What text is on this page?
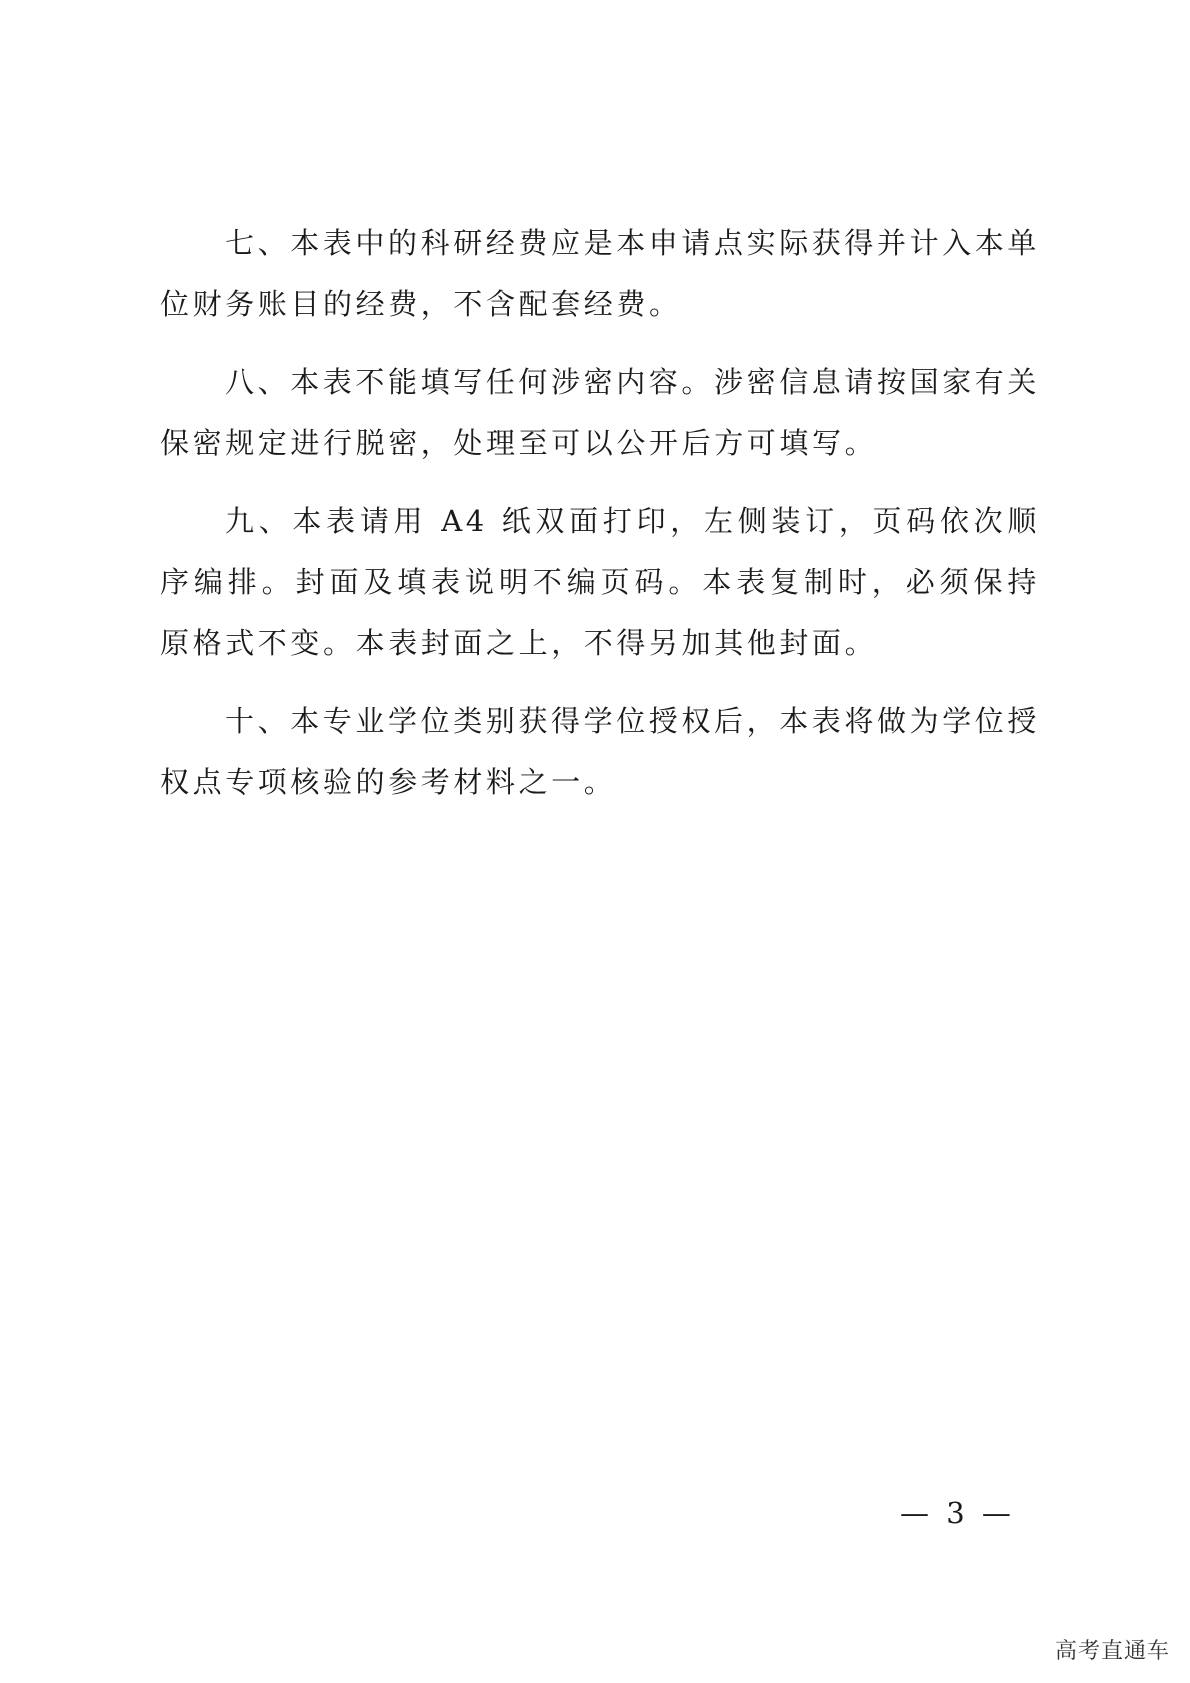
七、本表中的科研经费应是本申请点实际获得并计入本单位财务账目的经费，不含配套经费。

八、本表不能填写任何涉密内容。涉密信息请按国家有关保密规定进行脱密，处理至可以公开后方可填写。

九、本表请用 A4 纸双面打印，左侧装订，页码依次顺序编排。封面及填表说明不编页码。本表复制时，必须保持原格式不变。本表封面之上，不得另加其他封面。

十、本专业学位类别获得学位授权后，本表将做为学位授权点专项核验的参考材料之一。

— 3 —
高考直通车
